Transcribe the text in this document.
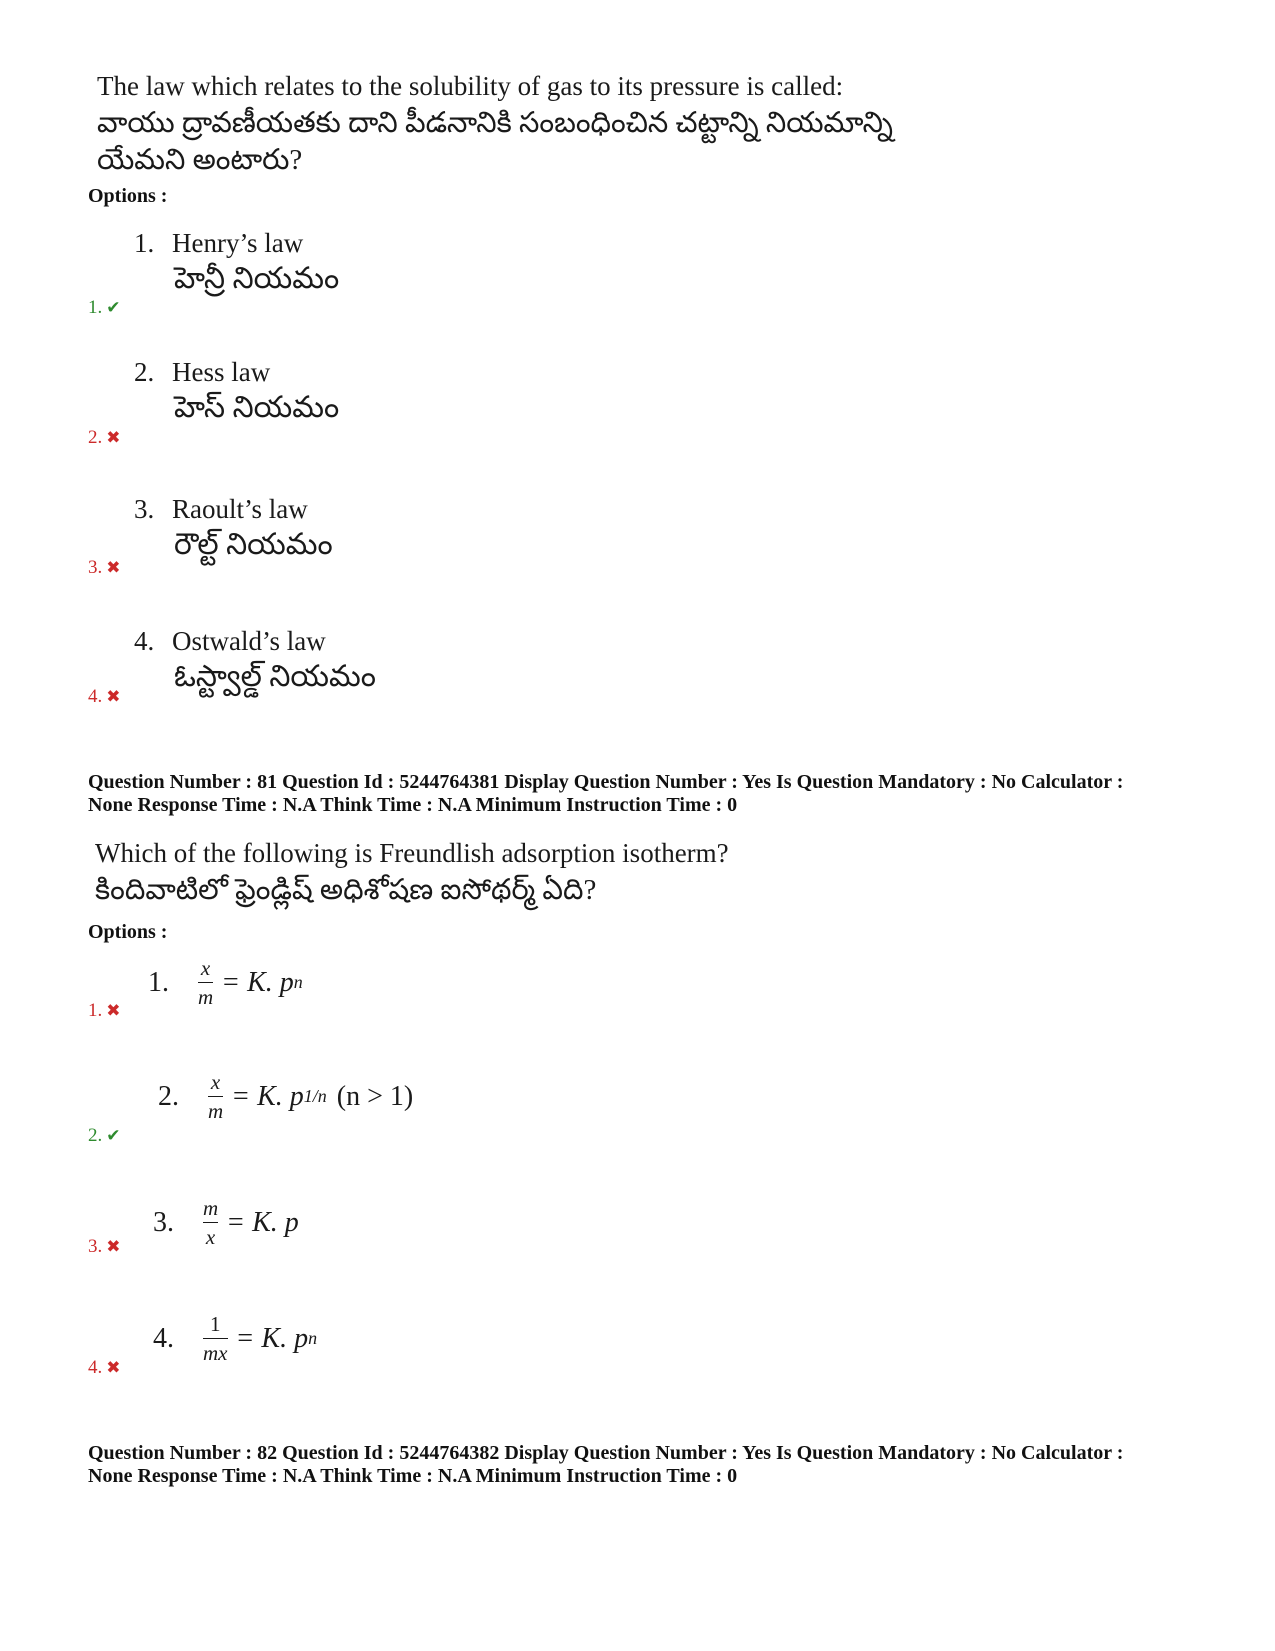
The law which relates to the solubility of gas to its pressure is called:
వాయు ద్రావణీయతకు దాని పీడనానికి సంబంధించిన చట్టాన్ని నియమాన్ని
యేమని అంటారు?
Options :
1. Henry’s law
హెన్రీ నియమం
1. ✔
2. Hess law
హెస్ నియమం
2. ✖
3. Raoult’s law
రౌల్ట్ నియమం
3. ✖
4. Ostwald’s law
ఓస్ట్వాల్డ్ నియమం
4. ✖
Question Number : 81 Question Id : 5244764381 Display Question Number : Yes Is Question Mandatory : No Calculator :
None Response Time : N.A Think Time : N.A Minimum Instruction Time : 0
Which of the following is Freundlish adsorption isotherm?
కిందివాటిలో ఫ్రెండ్లిష్ అధిశోషణ ఐసోథర్మ్ ఏది?
Options :
1.	$\frac{x}{m} = K$. p n
1. ✖
2.	$\frac{x}{m} = K$. p 1/n (n > 1)
2. ✔
3.	$\frac{m}{x} = K$. p
3. ✖
4.	$\frac{1}{mx} = K$. p n
4. ✖
Question Number : 82 Question Id : 5244764382 Display Question Number : Yes Is Question Mandatory : No Calculator :
None Response Time : N.A Think Time : N.A Minimum Instruction Time : 0
